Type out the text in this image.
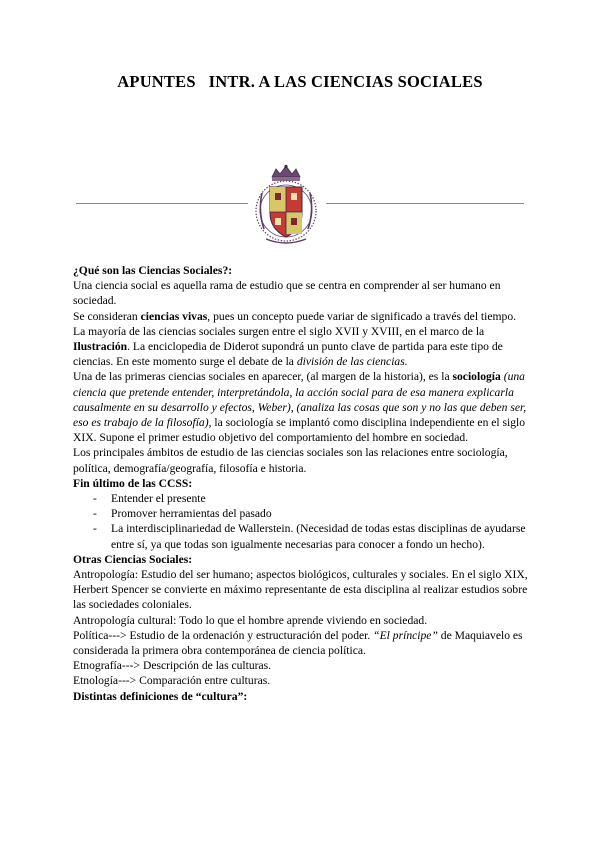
APUNTES   INTR. A LAS CIENCIAS SOCIALES

¿Qué son las Ciencias Sociales?:

Una ciencia social es aquella rama de estudio que se centra en comprender al ser humano en sociedad.

Se consideran ciencias vivas, pues un concepto puede variar de significado a través del tiempo.

La mayoría de las ciencias sociales surgen entre el siglo XVII y XVIII, en el marco de la Ilustración. La enciclopedia de Diderot supondrá un punto clave de partida para este tipo de ciencias. En este momento surge el debate de la división de las ciencias.

Una de las primeras ciencias sociales en aparecer, (al margen de la historia), es la sociología (una ciencia que pretende entender, interpretándola, la acción social para de esa manera explicarla causalmente en su desarrollo y efectos, Weber), (analiza las cosas que son y no las que deben ser, eso es trabajo de la filosofía), la sociología se implantó como disciplina independiente en el siglo XIX. Supone el primer estudio objetivo del comportamiento del hombre en sociedad.

Los principales ámbitos de estudio de las ciencias sociales son las relaciones entre sociología, política, demografía/geografía, filosofía e historia.

Fin último de las CCSS:

- Entender el presente
- Promover herramientas del pasado
- La interdisciplinariedad de Wallerstein. (Necesidad de todas estas disciplinas de ayudarse entre sí, ya que todas son igualmente necesarias para conocer a fondo un hecho).

Otras Ciencias Sociales:

Antropología: Estudio del ser humano; aspectos biológicos, culturales y sociales. En el siglo XIX, Herbert Spencer se convierte en máximo representante de esta disciplina al realizar estudios sobre las sociedades coloniales.

Antropología cultural: Todo lo que el hombre aprende viviendo en sociedad.

Política---> Estudio de la ordenación y estructuración del poder. “El príncipe” de Maquiavelo es considerada la primera obra contemporánea de ciencia política.

Etnografía---> Descripción de las culturas.

Etnología---> Comparación entre culturas.

Distintas definiciones de “cultura”:
